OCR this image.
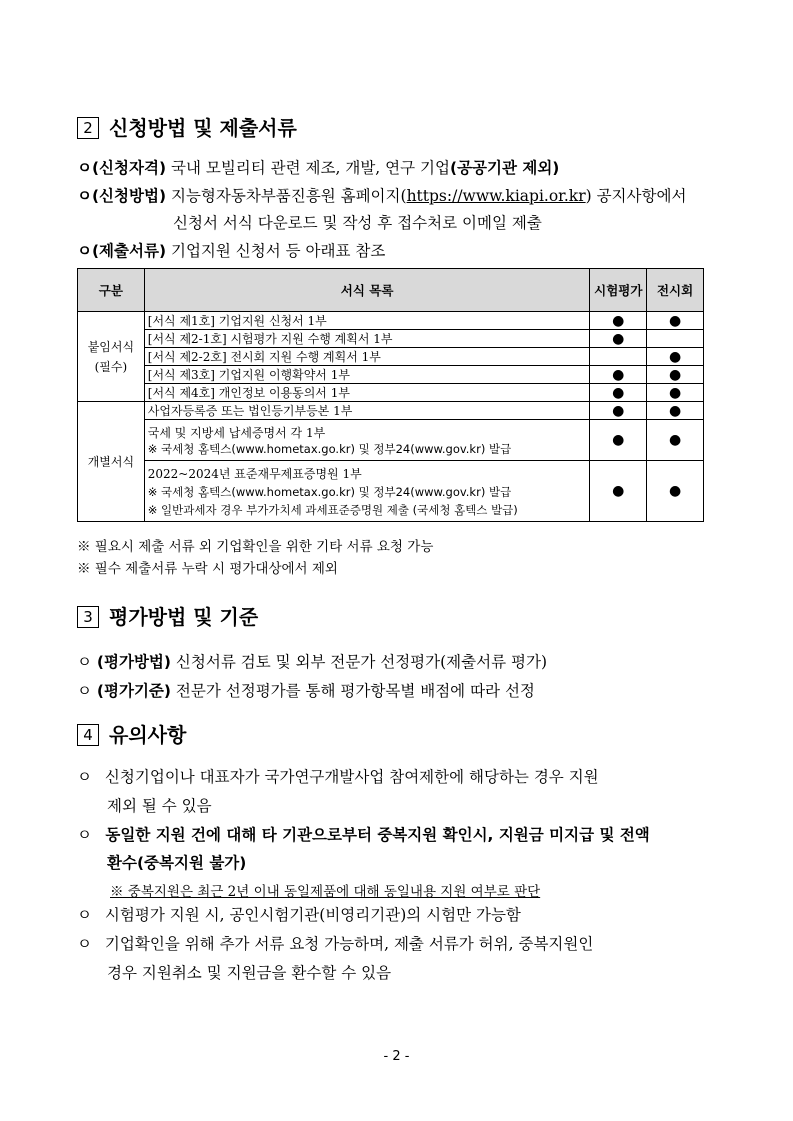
2 신청방법 및 제출서류
ㅇ(신청자격) 국내 모빌리티 관련 제조, 개발, 연구 기업(공공기관 제외)
ㅇ(신청방법) 지능형자동차부품진흥원 홈페이지(https://www.kiapi.or.kr) 공지사항에서
신청서 서식 다운로드 및 작성 후 접수처로 이메일 제출
ㅇ(제출서류) 기업지원 신청서 등 아래표 참조
구분	서식 목록	시험평가	전시회

붙임서식
(필수)	[서식 제1호] 기업지원 신청서 1부	●	●
	[서식 제2-1호] 시험평가 지원 수행 계획서 1부	●	
	[서식 제2-2호] 전시회 지원 수행 계획서 1부		●
	[서식 제3호] 기업지원 이행확약서 1부	●	●
	[서식 제4호] 개인정보 이용동의서 1부	●	●
개별서식	사업자등록증 또는 법인등기부등본 1부	●	●

	국세 및 지방세 납세증명서 각 1부
※ 국세청 홈텍스(www.hometax.go.kr) 및 정부24(www.gov.kr) 발급	●	●

	2022~2024년 표준재무제표증명원 1부
※ 국세청 홈텍스(www.hometax.go.kr) 및 정부24(www.gov.kr) 발급
※ 일반과세자 경우 부가가치세 과세표준증명원 제출 (국세청 홈텍스 발급)	●	●
※ 필요시 제출 서류 외 기업확인을 위한 기타 서류 요청 가능
※ 필수 제출서류 누락 시 평가대상에서 제외
3 평가방법 및 기준
ㅇ (평가방법) 신청서류 검토 및 외부 전문가 선정평가(제출서류 평가)
ㅇ (평가기준) 전문가 선정평가를 통해 평가항목별 배점에 따라 선정
4 유의사항
ㅇ 신청기업이나 대표자가 국가연구개발사업 참여제한에 해당하는 경우 지원
제외 될 수 있음
ㅇ 동일한 지원 건에 대해 타 기관으로부터 중복지원 확인시, 지원금 미지급 및 전액
환수(중복지원 불가)
※ 중복지원은 최근 2년 이내 동일제품에 대해 동일내용 지원 여부로 판단
ㅇ 시험평가 지원 시, 공인시험기관(비영리기관)의 시험만 가능함
ㅇ 기업확인을 위해 추가 서류 요청 가능하며, 제출 서류가 허위, 중복지원인
경우 지원취소 및 지원금을 환수할 수 있음
- 2 -
